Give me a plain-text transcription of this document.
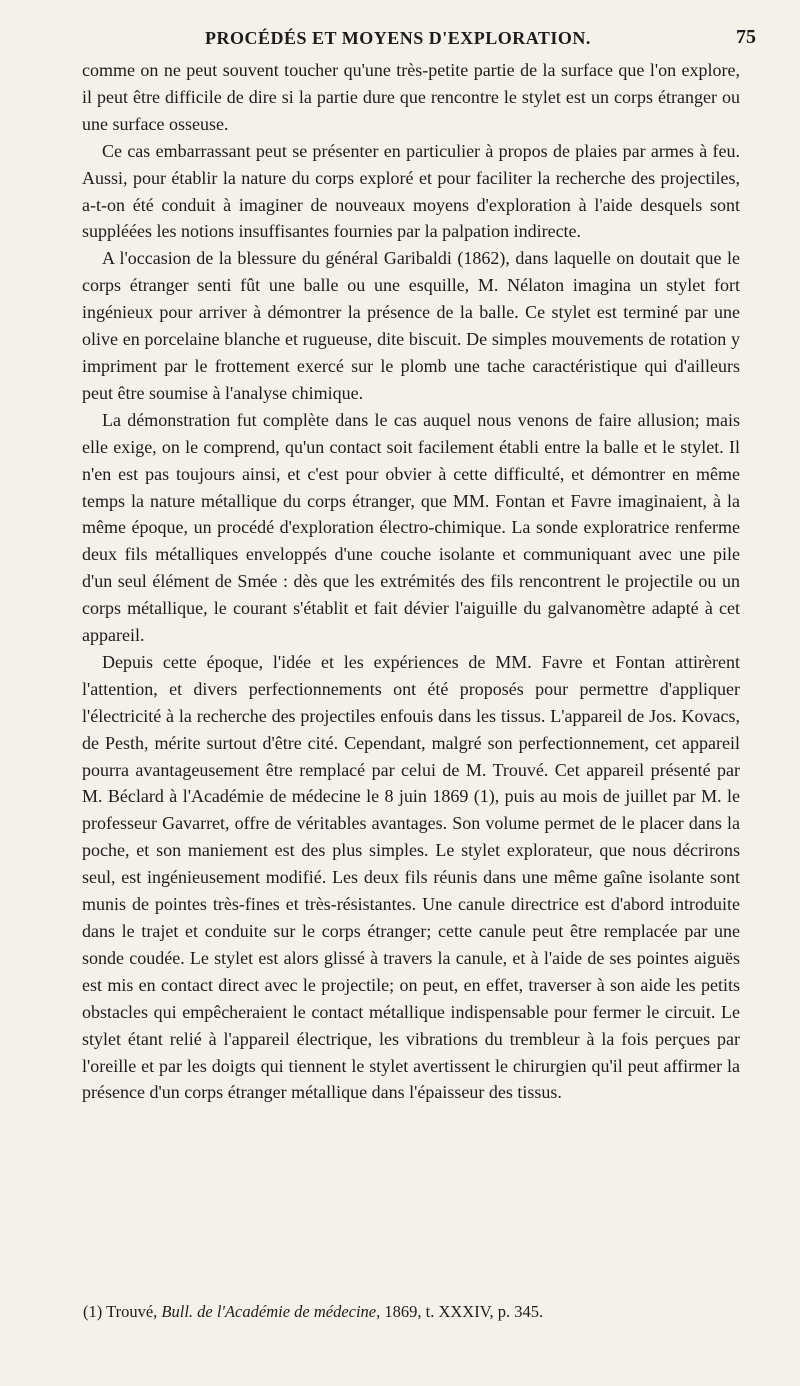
PROCÉDÉS ET MOYENS D'EXPLORATION.	75

comme on ne peut souvent toucher qu'une très-petite partie de la surface que l'on explore, il peut être difficile de dire si la partie dure que rencontre le stylet est un corps étranger ou une surface osseuse.

Ce cas embarrassant peut se présenter en particulier à propos de plaies par armes à feu. Aussi, pour établir la nature du corps exploré et pour faciliter la recherche des projectiles, a-t-on été conduit à imaginer de nouveaux moyens d'exploration à l'aide desquels sont suppléées les notions insuffisantes fournies par la palpation indirecte.

A l'occasion de la blessure du général Garibaldi (1862), dans laquelle on doutait que le corps étranger senti fût une balle ou une esquille, M. Nélaton imagina un stylet fort ingénieux pour arriver à démontrer la présence de la balle. Ce stylet est terminé par une olive en porcelaine blanche et rugueuse, dite biscuit. De simples mouvements de rotation y impriment par le frottement exercé sur le plomb une tache caractéristique qui d'ailleurs peut être soumise à l'analyse chimique.

La démonstration fut complète dans le cas auquel nous venons de faire allusion; mais elle exige, on le comprend, qu'un contact soit facilement établi entre la balle et le stylet. Il n'en est pas toujours ainsi, et c'est pour obvier à cette difficulté, et démontrer en même temps la nature métallique du corps étranger, que MM. Fontan et Favre imaginaient, à la même époque, un procédé d'exploration électro-chimique. La sonde exploratrice renferme deux fils métalliques enveloppés d'une couche isolante et communiquant avec une pile d'un seul élément de Smée : dès que les extrémités des fils rencontrent le projectile ou un corps métallique, le courant s'établit et fait dévier l'aiguille du galvanomètre adapté à cet appareil.

Depuis cette époque, l'idée et les expériences de MM. Favre et Fontan attirèrent l'attention, et divers perfectionnements ont été proposés pour permettre d'appliquer l'électricité à la recherche des projectiles enfouis dans les tissus. L'appareil de Jos. Kovacs, de Pesth, mérite surtout d'être cité. Cependant, malgré son perfectionnement, cet appareil pourra avantageusement être remplacé par celui de M. Trouvé. Cet appareil présenté par M. Béclard à l'Académie de médecine le 8 juin 1869 (1), puis au mois de juillet par M. le professeur Gavarret, offre de véritables avantages. Son volume permet de le placer dans la poche, et son maniement est des plus simples. Le stylet explorateur, que nous décrirons seul, est ingénieusement modifié. Les deux fils réunis dans une même gaîne isolante sont munis de pointes très-fines et très-résistantes. Une canule directrice est d'abord introduite dans le trajet et conduite sur le corps étranger; cette canule peut être remplacée par une sonde coudée. Le stylet est alors glissé à travers la canule, et à l'aide de ses pointes aiguës est mis en contact direct avec le projectile; on peut, en effet, traverser à son aide les petits obstacles qui empêcheraient le contact métallique indispensable pour fermer le circuit. Le stylet étant relié à l'appareil électrique, les vibrations du trembleur à la fois perçues par l'oreille et par les doigts qui tiennent le stylet avertissent le chirurgien qu'il peut affirmer la présence d'un corps étranger métallique dans l'épaisseur des tissus.

(1) Trouvé, Bull. de l'Académie de médecine, 1869, t. XXXIV, p. 345.
